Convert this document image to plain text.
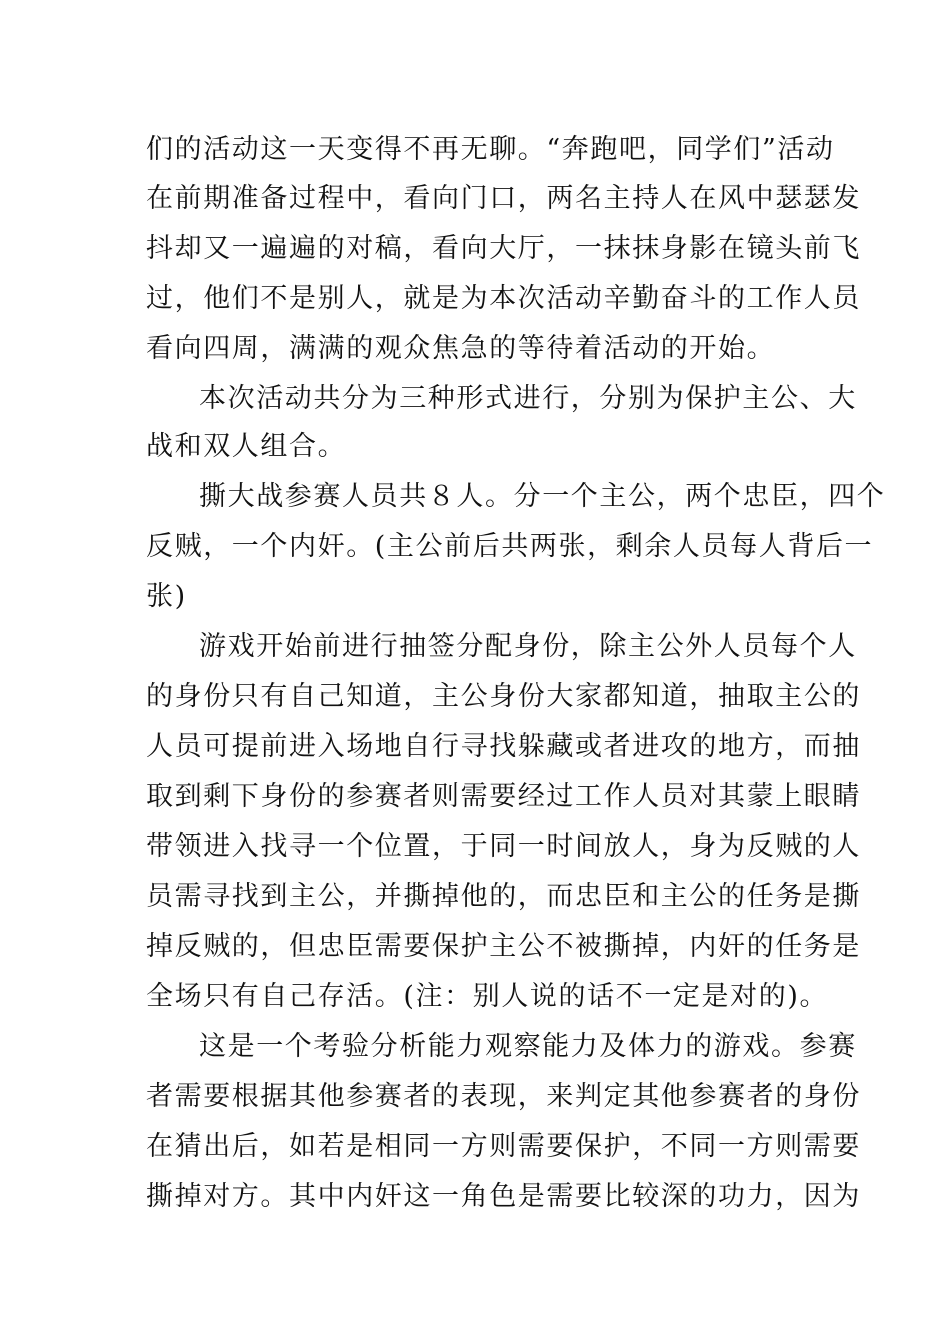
们的活动这一天变得不再无聊。“奔跑吧，同学们”活动
在前期准备过程中，看向门口，两名主持人在风中瑟瑟发
抖却又一遍遍的对稿，看向大厅，一抹抹身影在镜头前飞
过，他们不是别人，就是为本次活动辛勤奋斗的工作人员
看向四周，满满的观众焦急的等待着活动的开始。
本次活动共分为三种形式进行，分别为保护主公、大
战和双人组合。
撕大战参赛人员共８人。分一个主公，两个忠臣，四个
反贼，一个内奸。(主公前后共两张，剩余人员每人背后一
张)
游戏开始前进行抽签分配身份，除主公外人员每个人
的身份只有自己知道，主公身份大家都知道，抽取主公的
人员可提前进入场地自行寻找躲藏或者进攻的地方，而抽
取到剩下身份的参赛者则需要经过工作人员对其蒙上眼睛
带领进入找寻一个位置，于同一时间放人，身为反贼的人
员需寻找到主公，并撕掉他的，而忠臣和主公的任务是撕
掉反贼的，但忠臣需要保护主公不被撕掉，内奸的任务是
全场只有自己存活。(注：别人说的话不一定是对的)。
这是一个考验分析能力观察能力及体力的游戏。参赛
者需要根据其他参赛者的表现，来判定其他参赛者的身份
在猜出后，如若是相同一方则需要保护，不同一方则需要
撕掉对方。其中内奸这一角色是需要比较深的功力，因为
